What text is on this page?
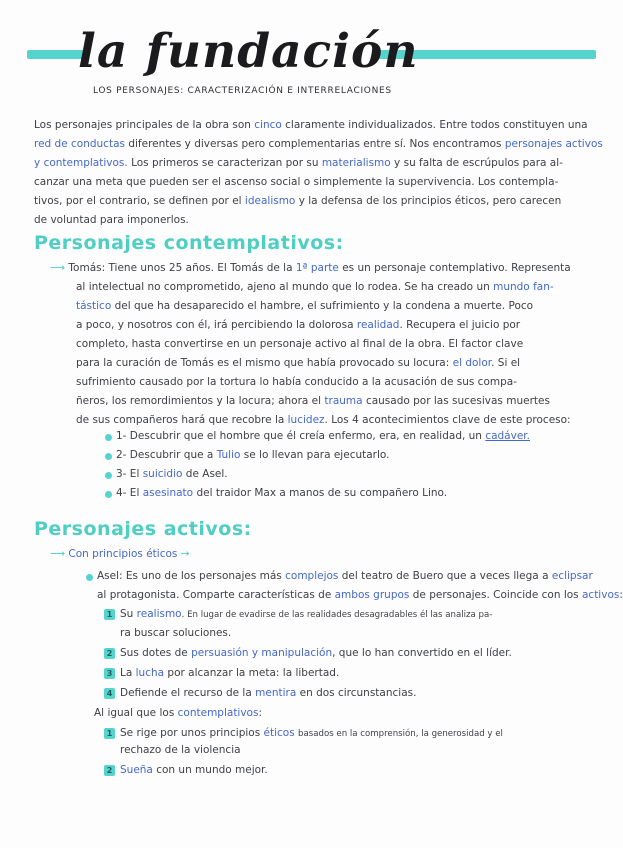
la fundación
LOS PERSONAJES: CARACTERIZACIÓN E INTERRELACIONES
Los personajes principales de la obra son cinco claramente individualizados. Entre todos constituyen una
red de conductas diferentes y diversas pero complementarias entre sí. Nos encontramos personajes activos
y contemplativos. Los primeros se caracterizan por su materialismo y su falta de escrúpulos para al-
canzar una meta que pueden ser el ascenso social o simplemente la supervivencia. Los contempla-
tivos, por el contrario, se definen por el idealismo y la defensa de los principios éticos, pero carecen
de voluntad para imponerlos.
Personajes contemplativos:
⟶ Tomás: Tiene unos 25 años. El Tomás de la 1ª parte es un personaje contemplativo. Representa
al intelectual no comprometido, ajeno al mundo que lo rodea. Se ha creado un mundo fan-
tástico del que ha desaparecido el hambre, el sufrimiento y la condena a muerte. Poco
a poco, y nosotros con él, irá percibiendo la dolorosa realidad. Recupera el juicio por
completo, hasta convertirse en un personaje activo al final de la obra. El factor clave
para la curación de Tomás es el mismo que había provocado su locura: el dolor. Si el
sufrimiento causado por la tortura lo había conducido a la acusación de sus compa-
ñeros, los remordimientos y la locura; ahora el trauma causado por las sucesivas muertes
de sus compañeros hará que recobre la lucidez. Los 4 acontecimientos clave de este proceso:
1- Descubrir que el hombre que él creía enfermo, era, en realidad, un cadáver.
2- Descubrir que a Tulio se lo llevan para ejecutarlo.
3- El suicidio de Asel.
4- El asesinato del traidor Max a manos de su compañero Lino.
Personajes activos:
⟶ Con principios éticos →
Asel: Es uno de los personajes más complejos del teatro de Buero que a veces llega a eclipsar
al protagonista. Comparte características de ambos grupos de personajes. Coincide con los activos:
1 Su realismo. En lugar de evadirse de las realidades desagradables él las analiza pa-
ra buscar soluciones.
2 Sus dotes de persuasión y manipulación, que lo han convertido en el líder.
3 La lucha por alcanzar la meta: la libertad.
4 Defiende el recurso de la mentira en dos circunstancias.
Al igual que los contemplativos:
1 Se rige por unos principios éticos basados en la comprensión, la generosidad y el
rechazo de la violencia
2 Sueña con un mundo mejor.
